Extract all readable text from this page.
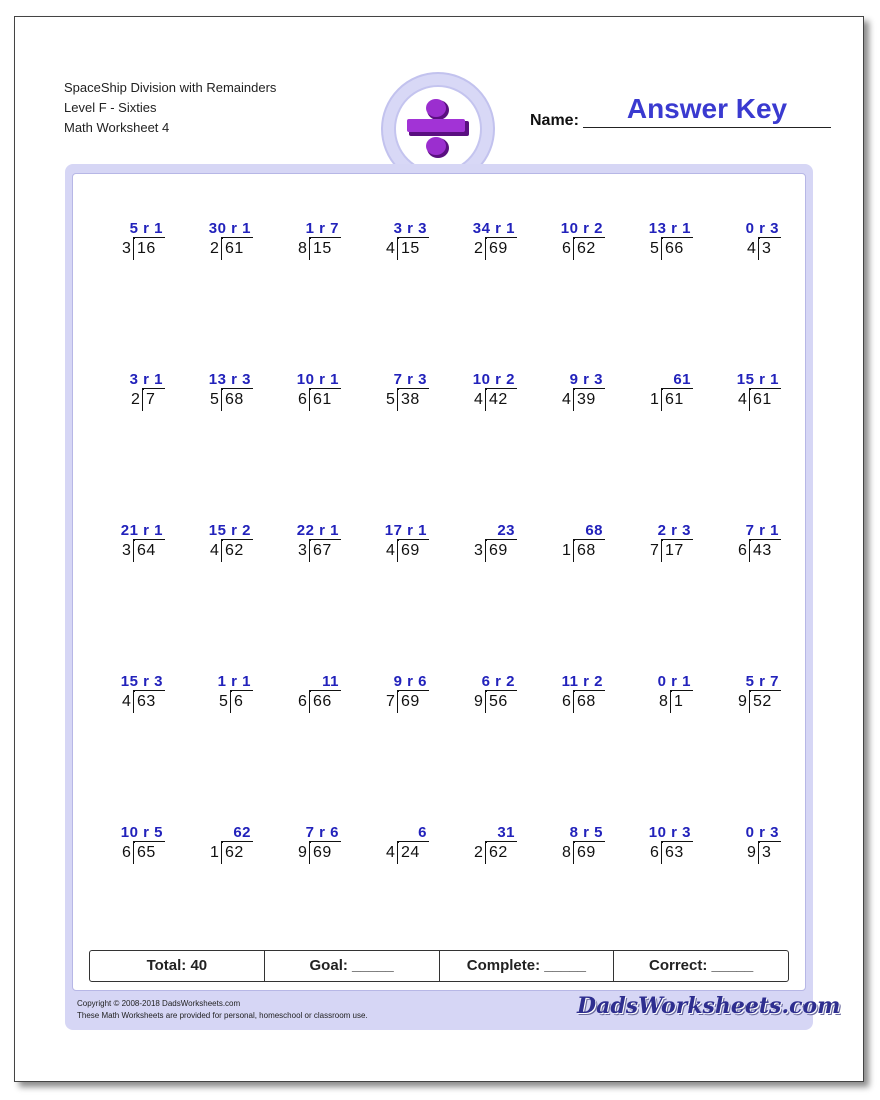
SpaceShip Division with Remainders
Level F - Sixties
Math Worksheet 4	Name:	Answer Key
5 r 1
3 16
30 r 1
2 61
1 r 7
8 15
3 r 3
4 15
34 r 1
2 69
10 r 2
6 62
13 r 1
5 66
0 r 3
4 3
3 r 1
2 7
13 r 3
5 68
10 r 1
6 61
7 r 3
5 38
10 r 2
4 42
9 r 3
4 39
61
1 61
15 r 1
4 61
21 r 1
3 64
15 r 2
4 62
22 r 1
3 67
17 r 1
4 69
23
3 69
68
1 68
2 r 3
7 17
7 r 1
6 43
15 r 3
4 63
1 r 1
5 6
11
6 66
9 r 6
7 69
6 r 2
9 56
11 r 2
6 68
0 r 1
8 1
5 r 7
9 52
10 r 5
6 65
62
1 62
7 r 6
9 69
6
4 24
31
2 62
8 r 5
8 69
10 r 3
6 63
0 r 3
9 3
Total: 40	Goal: _____	Complete: _____	Correct: _____
Copyright © 2008-2018 DadsWorksheets.com
These Math Worksheets are provided for personal, homeschool or classroom use.	DadsWorksheets.com
